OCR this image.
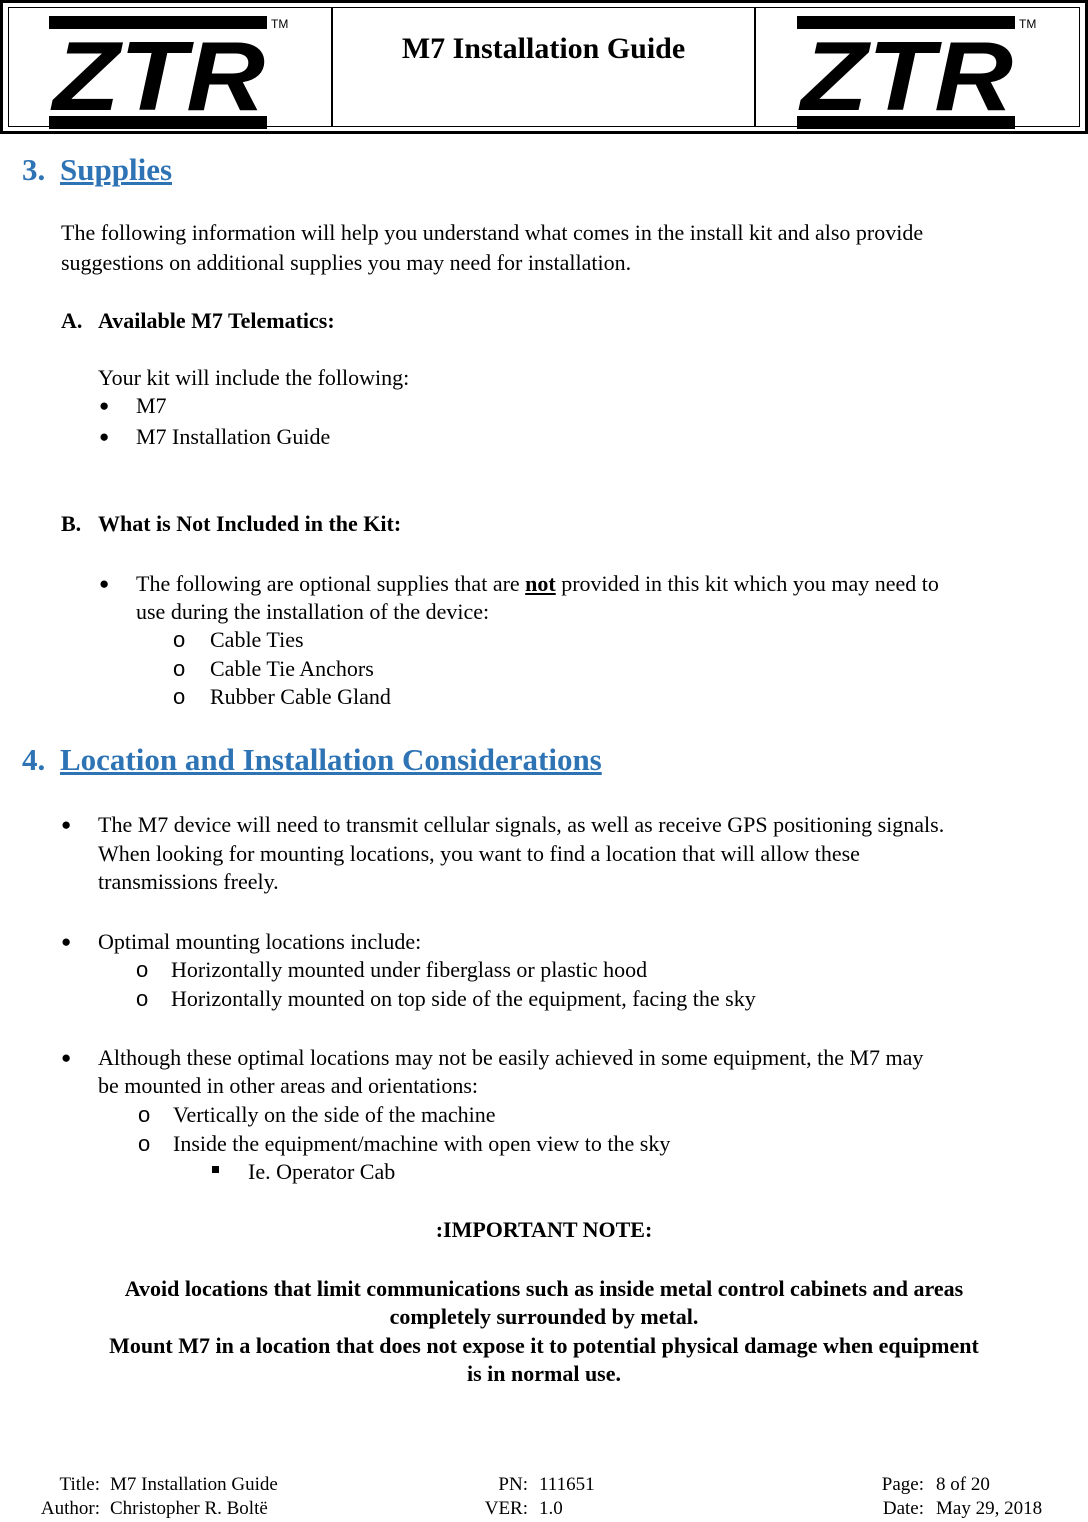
ZTR TM
M7 Installation Guide	ZTR TM
3. Supplies
The following information will help you understand what comes in the install kit and also provide
suggestions on additional supplies you may need for installation.
A. Available M7 Telematics:
Your kit will include the following:
● M7
● M7 Installation Guide
B. What is Not Included in the Kit:
● The following are optional supplies that are not provided in this kit which you may need to
use during the installation of the device:
o Cable Ties
o Cable Tie Anchors
o Rubber Cable Gland
4. Location and Installation Considerations
● The M7 device will need to transmit cellular signals, as well as receive GPS positioning signals.
When looking for mounting locations, you want to find a location that will allow these
transmissions freely.
● Optimal mounting locations include:
o Horizontally mounted under fiberglass or plastic hood
o Horizontally mounted on top side of the equipment, facing the sky
● Although these optimal locations may not be easily achieved in some equipment, the M7 may
be mounted in other areas and orientations:
o Vertically on the side of the machine
o Inside the equipment/machine with open view to the sky
Ie. Operator Cab
:IMPORTANT NOTE:
Avoid locations that limit communications such as inside metal control cabinets and areas
completely surrounded by metal.
Mount M7 in a location that does not expose it to potential physical damage when equipment
is in normal use.
Title: M7 Installation Guide
Author: Christopher R. Boltë
PN: 111651
VER: 1.0
Page: 8 of 20
Date: May 29, 2018
